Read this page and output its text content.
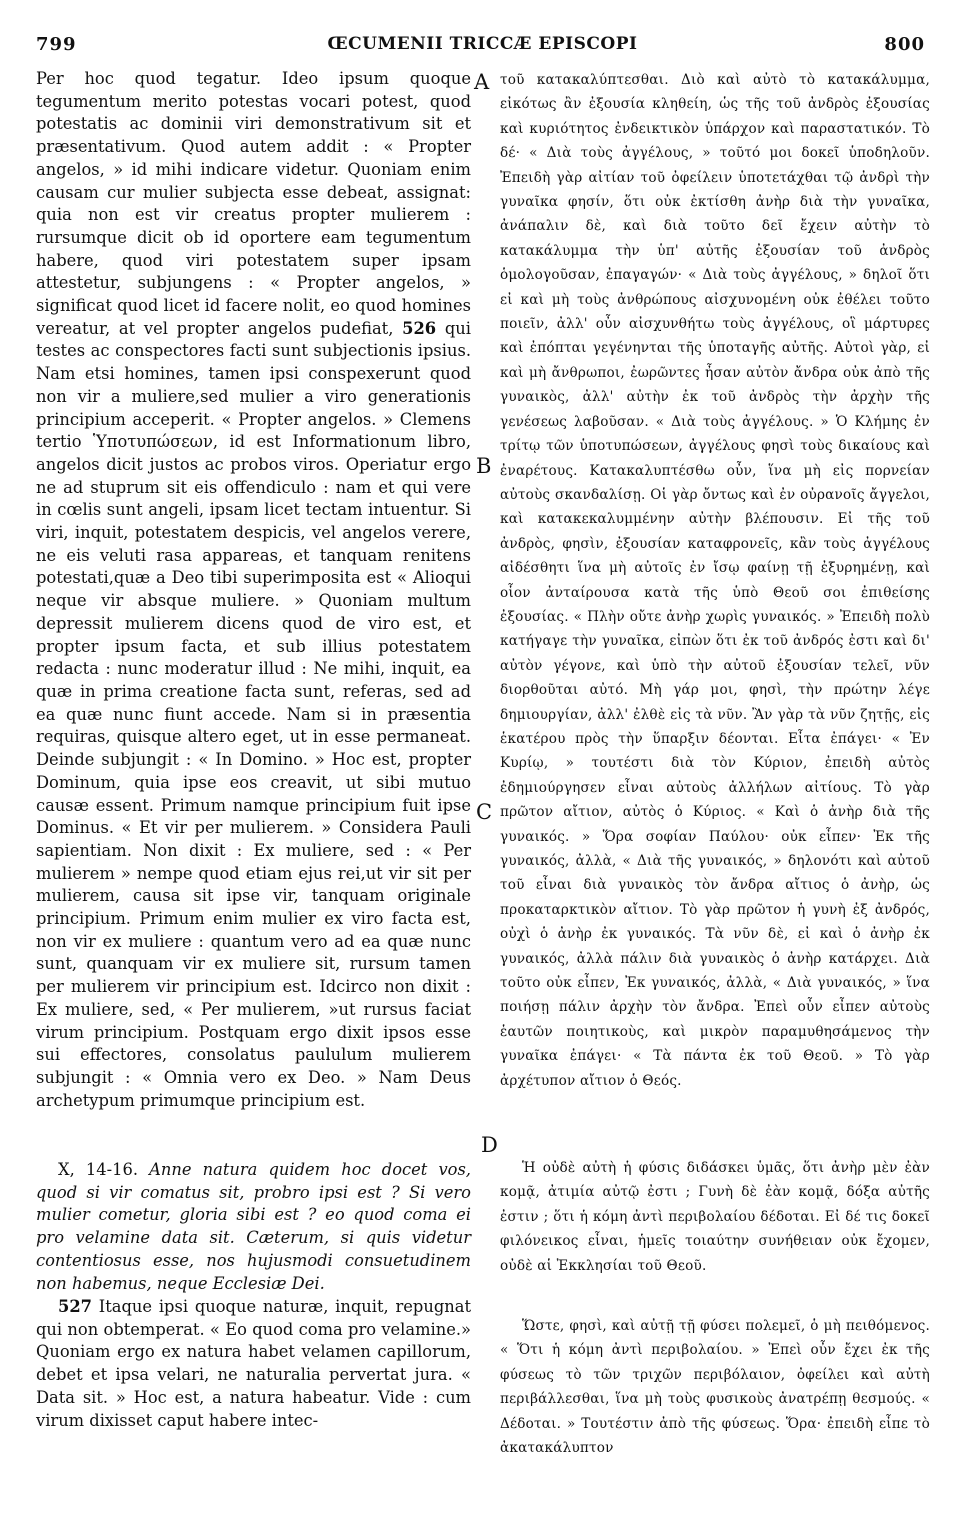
ŒCUMENII TRICCÆ EPISCOPI
799	800
A
B
C
D

Per hoc quod tegatur. Ideo ipsum quoque tegumentum merito potestas vocari potest, quod potestatis ac dominii viri demonstrativum sit et præsentativum. Quod autem addit : « Propter angelos, » id mihi indicare videtur. Quoniam enim causam cur mulier subjecta esse debeat, assignat: quia non est vir creatus propter mulierem : rursumque dicit ob id oportere eam tegumentum habere, quod viri potestatem super ipsam attestetur, subjungens : « Propter angelos, » significat quod licet id facere nolit, eo quod homines vereatur, at vel propter angelos pudefiat, 526 qui testes ac conspectores facti sunt subjectionis ipsius. Nam etsi homines, tamen ipsi conspexerunt quod non vir a muliere,sed mulier a viro generationis principium acceperit. « Propter angelos. » Clemens tertio Ὑποτυπώσεων, id est Informationum libro, angelos dicit justos ac probos viros. Operiatur ergo ne ad stuprum sit eis offendiculo : nam et qui vere in cœlis sunt angeli, ipsam licet tectam intuentur. Si viri, inquit, potestatem despicis, vel angelos verere, ne eis veluti rasa appareas, et tanquam renitens potestati,quæ a Deo tibi superimposita est « Alioqui neque vir absque muliere. » Quoniam multum depressit mulierem dicens quod de viro est, et propter ipsum facta, et sub illius potestatem redacta : nunc moderatur illud : Ne mihi, inquit, ea quæ in prima creatione facta sunt, referas, sed ad ea quæ nunc fiunt accede. Nam si in præsentia requiras, quisque altero eget, ut in esse permaneat. Deinde subjungit : « In Domino. » Hoc est, propter Dominum, quia ipse eos creavit, ut sibi mutuo causæ essent. Primum namque principium fuit ipse Dominus. « Et vir per mulierem. » Considera Pauli sapientiam. Non dixit : Ex muliere, sed : « Per mulierem » nempe quod etiam ejus rei,ut vir sit per mulierem, causa sit ipse vir, tanquam originale principium. Primum enim mulier ex viro facta est, non vir ex muliere : quantum vero ad ea quæ nunc sunt, quanquam vir ex muliere sit, rursum tamen per mulierem vir principium est. Idcirco non dixit : Ex muliere, sed, « Per mulierem, »ut rursus faciat virum principium. Postquam ergo dixit ipsos esse sui effectores, consolatus paululum mulierem subjungit : « Omnia vero ex Deo. » Nam Deus archetypum primumque principium est.

X, 14-16. Anne natura quidem hoc docet vos, quod si vir comatus sit, probro ipsi est ? Si vero mulier cometur, gloria sibi est ? eo quod coma ei pro velamine data sit. Cæterum, si quis videtur contentiosus esse, nos hujusmodi consuetudinem non habemus, neque Ecclesiæ Dei.

527 Itaque ipsi quoque naturæ, inquit, repugnat qui non obtemperat. « Eo quod coma pro velamine.» Quoniam ergo ex natura habet velamen capillorum, debet et ipsa velari, ne naturalia pervertat jura. « Data sit. » Hoc est, a natura habeatur. Vide : cum virum dixisset caput habere intec-

τοῦ κατακαλύπτεσθαι. Διὸ καὶ αὐτὸ τὸ κατακάλυμμα, εἰκότως ἂν ἐξουσία κληθείη, ὡς τῆς τοῦ ἀνδρὸς ἐξουσίας καὶ κυριότητος ἐνδεικτικὸν ὑπάρχον καὶ παραστατικόν. Τὸ δέ· « Διὰ τοὺς ἀγγέλους, » τοῦτό μοι δοκεῖ ὑποδηλοῦν. Ἐπειδὴ γὰρ αἰτίαν τοῦ ὀφείλειν ὑποτετάχθαι τῷ ἀνδρὶ τὴν γυναῖκα φησίν, ὅτι οὐκ ἐκτίσθη ἀνὴρ διὰ τὴν γυναῖκα, ἀνάπαλιν δὲ, καὶ διὰ τοῦτο δεῖ ἔχειν αὐτὴν τὸ κατακάλυμμα τὴν ὑπ' αὐτῆς ἐξουσίαν τοῦ ἀνδρὸς ὁμολογοῦσαν, ἐπαγαγών· « Διὰ τοὺς ἀγγέλους, » δηλοῖ ὅτι εἰ καὶ μὴ τοὺς ἀνθρώπους αἰσχυνομένη οὐκ ἐθέλει τοῦτο ποιεῖν, ἀλλ' οὖν αἰσχυνθήτω τοὺς ἀγγέλους, οἳ μάρτυρες καὶ ἐπόπται γεγένηνται τῆς ὑποταγῆς αὐτῆς. Αὐτοὶ γὰρ, εἰ καὶ μὴ ἄνθρωποι, ἐωρῶντες ἦσαν αὐτὸν ἄνδρα οὐκ ἀπὸ τῆς γυναικὸς, ἀλλ' αὐτὴν ἐκ τοῦ ἀνδρὸς τὴν ἀρχὴν τῆς γενέσεως λαβοῦσαν. « Διὰ τοὺς ἀγγέλους. » Ὁ Κλήμης ἐν τρίτῳ τῶν ὑποτυπώσεων, ἀγγέλους φησὶ τοὺς δικαίους καὶ ἐναρέτους. Κατακαλυπτέσθω οὖν, ἵνα μὴ εἰς πορνείαν αὐτοὺς σκανδαλίσῃ. Οἱ γὰρ ὄντως καὶ ἐν οὐρανοῖς ἄγγελοι, καὶ κατακεκαλυμμένην αὐτὴν βλέπουσιν. Εἰ τῆς τοῦ ἀνδρὸς, φησὶν, ἐξουσίαν καταφρονεῖς, κἂν τοὺς ἀγγέλους αἰδέσθητι ἵνα μὴ αὐτοῖς ἐν ἴσῳ φαίνῃ τῇ ἐξυρημένῃ, καὶ οἷον ἀνταίρουσα κατὰ τῆς ὑπὸ Θεοῦ σοι ἐπιθείσης ἐξουσίας. « Πλὴν οὔτε ἀνὴρ χωρὶς γυναικός. » Ἐπειδὴ πολὺ κατήγαγε τὴν γυναῖκα, εἰπὼν ὅτι ἐκ τοῦ ἀνδρός ἐστι καὶ δι' αὐτὸν γέγονε, καὶ ὑπὸ τὴν αὐτοῦ ἐξουσίαν τελεῖ, νῦν διορθοῦται αὐτό. Μὴ γάρ μοι, φησὶ, τὴν πρώτην λέγε δημιουργίαν, ἀλλ' ἐλθὲ εἰς τὰ νῦν. Ἂν γὰρ τὰ νῦν ζητῇς, εἰς ἑκατέρου πρὸς τὴν ὕπαρξιν δέονται. Εἶτα ἐπάγει· « Ἐν Κυρίῳ, » τουτέστι διὰ τὸν Κύριον, ἐπειδὴ αὐτὸς ἐδημιούργησεν εἶναι αὐτοὺς ἀλλήλων αἰτίους. Τὸ γὰρ πρῶτον αἴτιον, αὐτὸς ὁ Κύριος. « Καὶ ὁ ἀνὴρ διὰ τῆς γυναικός. » Ὅρα σοφίαν Παύλου· οὐκ εἶπεν· Ἐκ τῆς γυναικός, ἀλλὰ, « Διὰ τῆς γυναικός, » δηλονότι καὶ αὐτοῦ τοῦ εἶναι διὰ γυναικὸς τὸν ἄνδρα αἴτιος ὁ ἀνὴρ, ὡς προκαταρκτικὸν αἴτιον. Τὸ γὰρ πρῶτον ἡ γυνὴ ἐξ ἀνδρός, οὐχὶ ὁ ἀνὴρ ἐκ γυναικός. Τὰ νῦν δὲ, εἰ καὶ ὁ ἀνὴρ ἐκ γυναικός, ἀλλὰ πάλιν διὰ γυναικὸς ὁ ἀνὴρ κατάρχει. Διὰ τοῦτο οὐκ εἶπεν, Ἐκ γυναικός, ἀλλὰ, « Διὰ γυναικός, » ἵνα ποιήσῃ πάλιν ἀρχὴν τὸν ἄνδρα. Ἐπεὶ οὖν εἶπεν αὐτοὺς ἑαυτῶν ποιητικοὺς, καὶ μικρὸν παραμυθησάμενος τὴν γυναῖκα ἐπάγει· « Τὰ πάντα ἐκ τοῦ Θεοῦ. » Τὸ γὰρ ἀρχέτυπον αἴτιον ὁ Θεός.

Ἡ οὐδὲ αὐτὴ ἡ φύσις διδάσκει ὑμᾶς, ὅτι ἀνὴρ μὲν ἐὰν κομᾷ, ἀτιμία αὐτῷ ἐστι ; Γυνὴ δὲ ἐὰν κομᾷ, δόξα αὐτῆς ἐστιν ; ὅτι ἡ κόμη ἀντὶ περιβολαίου δέδοται. Εἰ δέ τις δοκεῖ φιλόνεικος εἶναι, ἡμεῖς τοιαύτην συνήθειαν οὐκ ἔχομεν, οὐδὲ αἱ Ἐκκλησίαι τοῦ Θεοῦ.

Ὥστε, φησὶ, καὶ αὐτῇ τῇ φύσει πολεμεῖ, ὁ μὴ πειθόμενος. « Ὅτι ἡ κόμη ἀντὶ περιβολαίου. » Ἐπεὶ οὖν ἔχει ἐκ τῆς φύσεως τὸ τῶν τριχῶν περιβόλαιον, ὀφείλει καὶ αὐτὴ περιβάλλεσθαι, ἵνα μὴ τοὺς φυσικοὺς ἀνατρέπῃ θεσμούς. « Δέδοται. » Τουτέστιν ἀπὸ τῆς φύσεως. Ὅρα· ἐπειδὴ εἶπε τὸ ἀκατακάλυπτον
